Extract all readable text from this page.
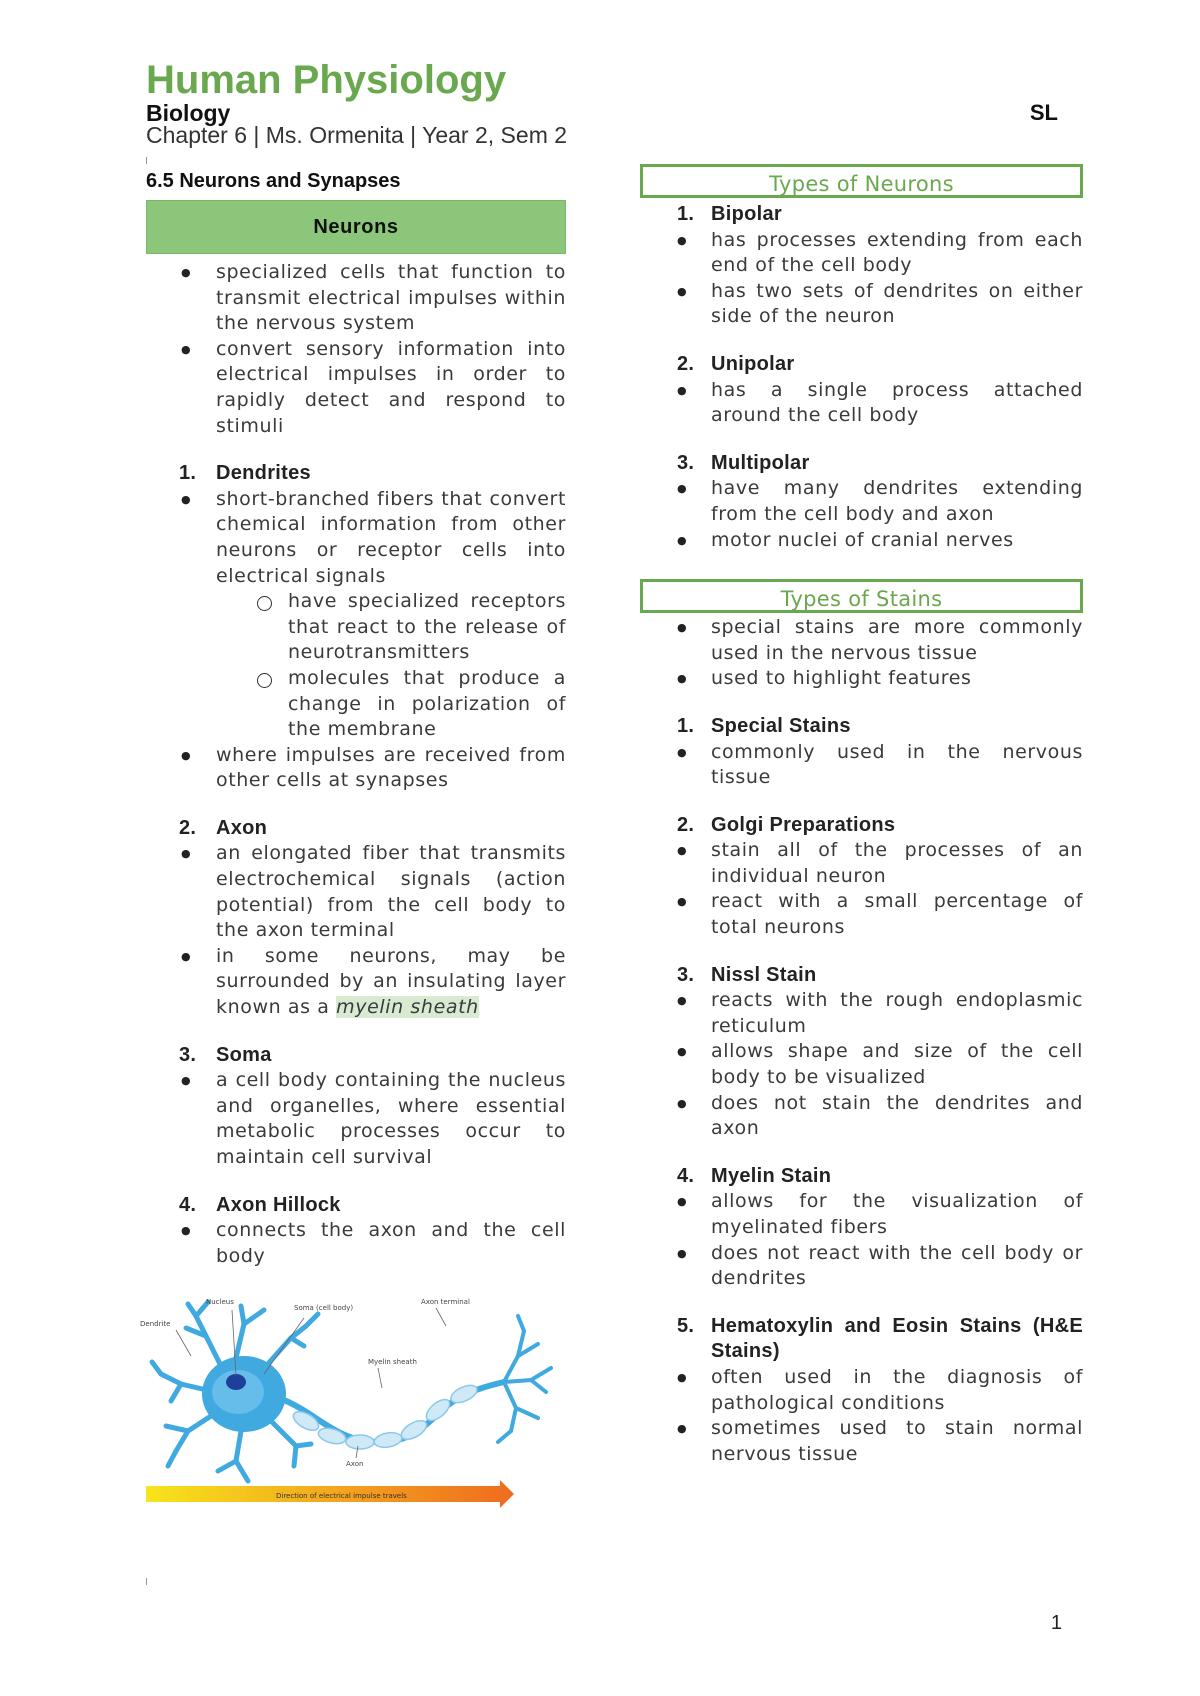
Human Physiology
Biology	SL
Chapter 6 | Ms. Ormenita | Year 2, Sem 2
6.5 Neurons and Synapses
Neurons
● specialized cells that function to transmit electrical impulses within the nervous system
● convert sensory information into electrical impulses in order to rapidly detect and respond to stimuli
1. Dendrites
● short-branched fibers that convert chemical information from other neurons or receptor cells into electrical signals
have specialized receptors that react to the release of neurotransmitters
molecules that produce a change in polarization of the membrane
● where impulses are received from other cells at synapses
2. Axon
● an elongated fiber that transmits electrochemical signals (action potential) from the cell body to the axon terminal
● in some neurons, may be surrounded by an insulating layer known as a myelin sheath
3. Soma
● a cell body containing the nucleus and organelles, where essential metabolic processes occur to maintain cell survival
4. Axon Hillock
● connects the axon and the cell body
Nucleus
Soma (cell body)
Axon terminal
Dendrite
Myelin sheath
Axon
Direction of electrical impulse travels
Types of Neurons
1. Bipolar
● has processes extending from each end of the cell body
● has two sets of dendrites on either side of the neuron
2. Unipolar
● has a single process attached around the cell body
3. Multipolar
● have many dendrites extending from the cell body and axon
● motor nuclei of cranial nerves
Types of Stains
● special stains are more commonly used in the nervous tissue
● used to highlight features
1. Special Stains
● commonly used in the nervous tissue
2. Golgi Preparations
● stain all of the processes of an individual neuron
● react with a small percentage of total neurons
3. Nissl Stain
● reacts with the rough endoplasmic reticulum
● allows shape and size of the cell body to be visualized
● does not stain the dendrites and axon
4. Myelin Stain
● allows for the visualization of myelinated fibers
● does not react with the cell body or dendrites
5. Hematoxylin and Eosin Stains (H&E Stains)
● often used in the diagnosis of pathological conditions
● sometimes used to stain normal nervous tissue
1
